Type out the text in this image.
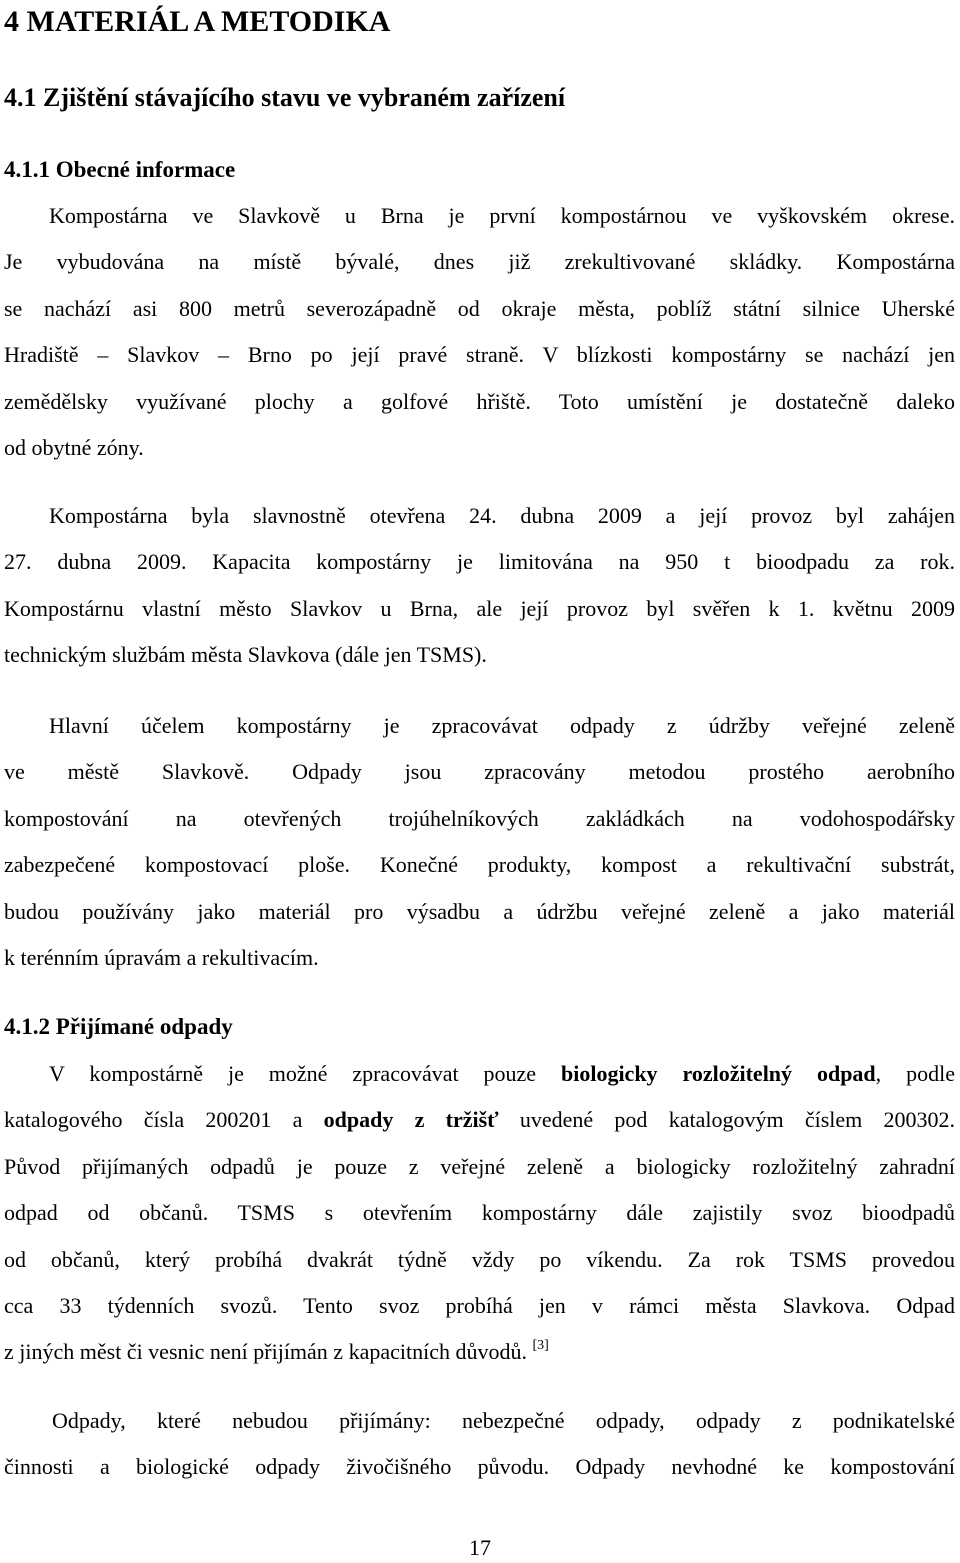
4 MATERIÁL A METODIKA
4.1 Zjištění stávajícího stavu ve vybraném zařízení
4.1.1 Obecné informace
Kompostárna ve Slavkově u Brna je první kompostárnou ve vyškovském okrese.
Je vybudována na místě bývalé, dnes již zrekultivované skládky. Kompostárna
se nachází asi 800 metrů severozápadně od okraje města, poblíž státní silnice Uherské
Hradiště – Slavkov – Brno po její pravé straně. V blízkosti kompostárny se nachází jen
zemědělsky využívané plochy a golfové hřiště. Toto umístění je dostatečně daleko
od obytné zóny.
Kompostárna byla slavnostně otevřena 24. dubna 2009 a její provoz byl zahájen
27. dubna 2009. Kapacita kompostárny je limitována na 950 t bioodpadu za rok.
Kompostárnu vlastní město Slavkov u Brna, ale její provoz byl svěřen k 1. květnu 2009
technickým službám města Slavkova (dále jen TSMS).
Hlavní účelem kompostárny je zpracovávat odpady z údržby veřejné zeleně
ve městě Slavkově. Odpady jsou zpracovány metodou prostého aerobního
kompostování na otevřených trojúhelníkových zakládkách na vodohospodářsky
zabezpečené kompostovací ploše. Konečné produkty, kompost a rekultivační substrát,
budou používány jako materiál pro výsadbu a údržbu veřejné zeleně a jako materiál
k terénním úpravám a rekultivacím.
4.1.2 Přijímané odpady
V kompostárně je možné zpracovávat pouze biologicky rozložitelný odpad, podle
katalogového čísla 200201 a odpady z tržišť uvedené pod katalogovým číslem 200302.
Původ přijímaných odpadů je pouze z veřejné zeleně a biologicky rozložitelný zahradní
odpad od občanů. TSMS s otevřením kompostárny dále zajistily svoz bioodpadů
od občanů, který probíhá dvakrát týdně vždy po víkendu. Za rok TSMS provedou
cca 33 týdenních svozů. Tento svoz probíhá jen v rámci města Slavkova. Odpad
z jiných měst či vesnic není přijímán z kapacitních důvodů. [3]
Odpady, které nebudou přijímány: nebezpečné odpady, odpady z podnikatelské
činnosti a biologické odpady živočišného původu. Odpady nevhodné ke kompostování
17
